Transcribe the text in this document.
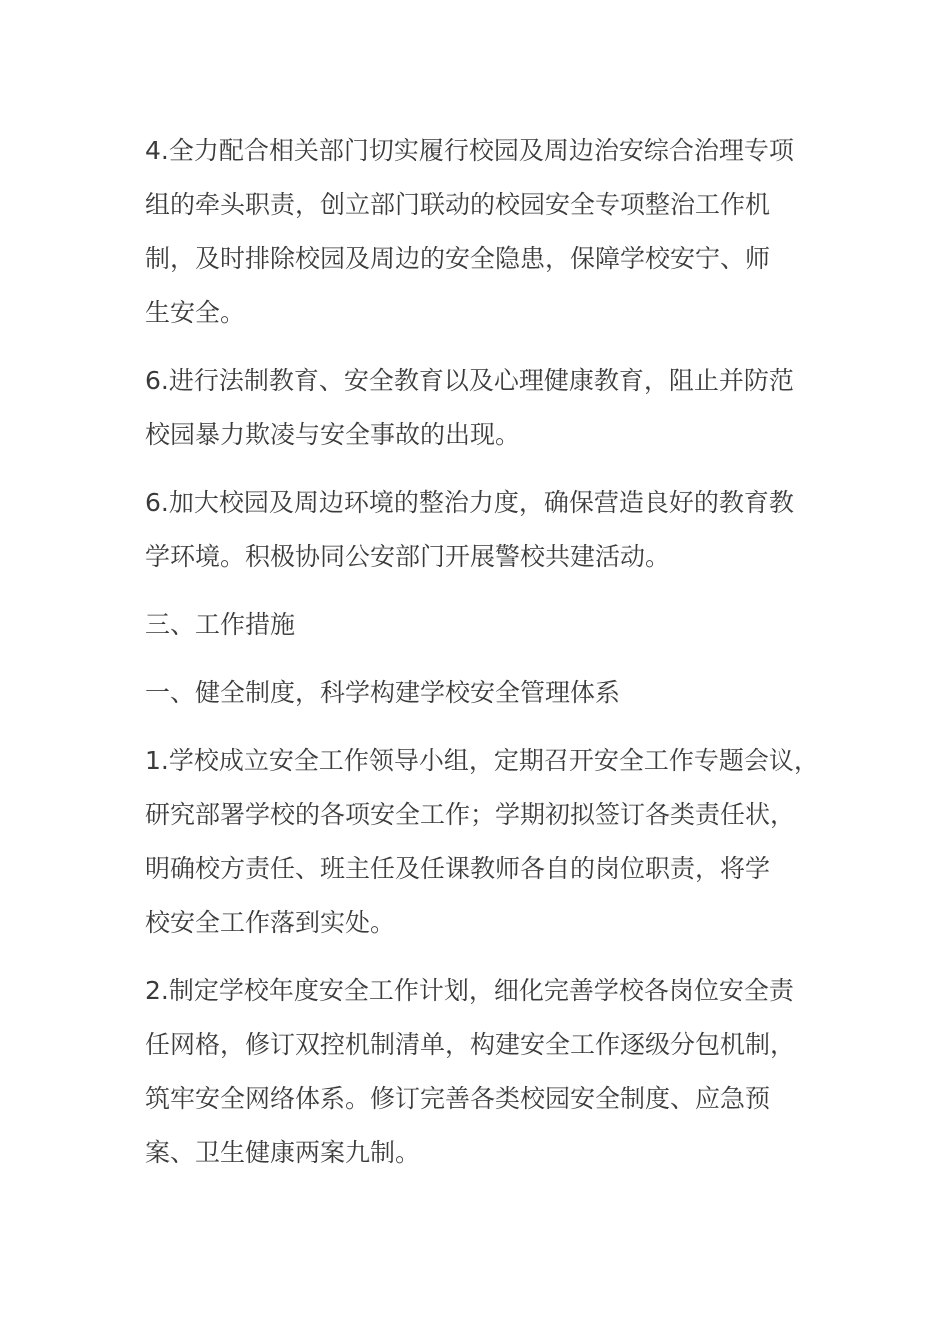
4.全力配合相关部门切实履行校园及周边治安综合治理专项
组的牵头职责，创立部门联动的校园安全专项整治工作机
制，及时排除校园及周边的安全隐患，保障学校安宁、师
生安全。
6.进行法制教育、安全教育以及心理健康教育，阻止并防范
校园暴力欺凌与安全事故的出现。
6.加大校园及周边环境的整治力度，确保营造良好的教育教
学环境。积极协同公安部门开展警校共建活动。
三、工作措施
一、健全制度，科学构建学校安全管理体系
1.学校成立安全工作领导小组，定期召开安全工作专题会议，
研究部署学校的各项安全工作；学期初拟签订各类责任状，
明确校方责任、班主任及任课教师各自的岗位职责，将学
校安全工作落到实处。
2.制定学校年度安全工作计划，细化完善学校各岗位安全责
任网格，修订双控机制清单，构建安全工作逐级分包机制，
筑牢安全网络体系。修订完善各类校园安全制度、应急预
案、卫生健康两案九制。
